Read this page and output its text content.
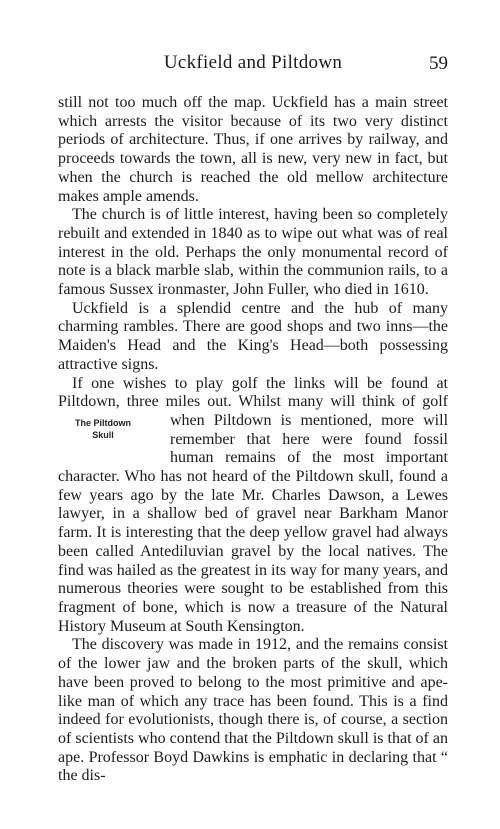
Uckfield and Piltdown	59

still not too much off the map. Uckfield has a main street which arrests the visitor because of its two very distinct periods of architecture. Thus, if one arrives by railway, and proceeds towards the town, all is new, very new in fact, but when the church is reached the old mellow architecture makes ample amends.

The church is of little interest, having been so completely rebuilt and extended in 1840 as to wipe out what was of real interest in the old. Perhaps the only monumental record of note is a black marble slab, within the communion rails, to a famous Sussex ironmaster, John Fuller, who died in 1610.

Uckfield is a splendid centre and the hub of many charming rambles. There are good shops and two inns—the Maiden's Head and the King's Head—both possessing attractive signs.

If one wishes to play golf the links will be found at Piltdown, three miles out. Whilst many will think of golf when Piltdown is mentioned, more
The Piltdown
Skull
will remember that here were found fossil human remains of the most important character. Who has not heard of the Piltdown skull, found a few years ago by the late Mr. Charles Dawson, a Lewes lawyer, in a shallow bed of gravel near Barkham Manor farm. It is interesting that the deep yellow gravel had always been called Antediluvian gravel by the local natives. The find was hailed as the greatest in its way for many years, and numerous theories were sought to be established from this fragment of bone, which is now a treasure of the Natural History Museum at South Kensington.

The discovery was made in 1912, and the remains consist of the lower jaw and the broken parts of the skull, which have been proved to belong to the most primitive and ape-like man of which any trace has been found. This is a find indeed for evolutionists, though there is, of course, a section of scientists who contend that the Piltdown skull is that of an ape. Professor Boyd Dawkins is emphatic in declaring that “ the dis-
